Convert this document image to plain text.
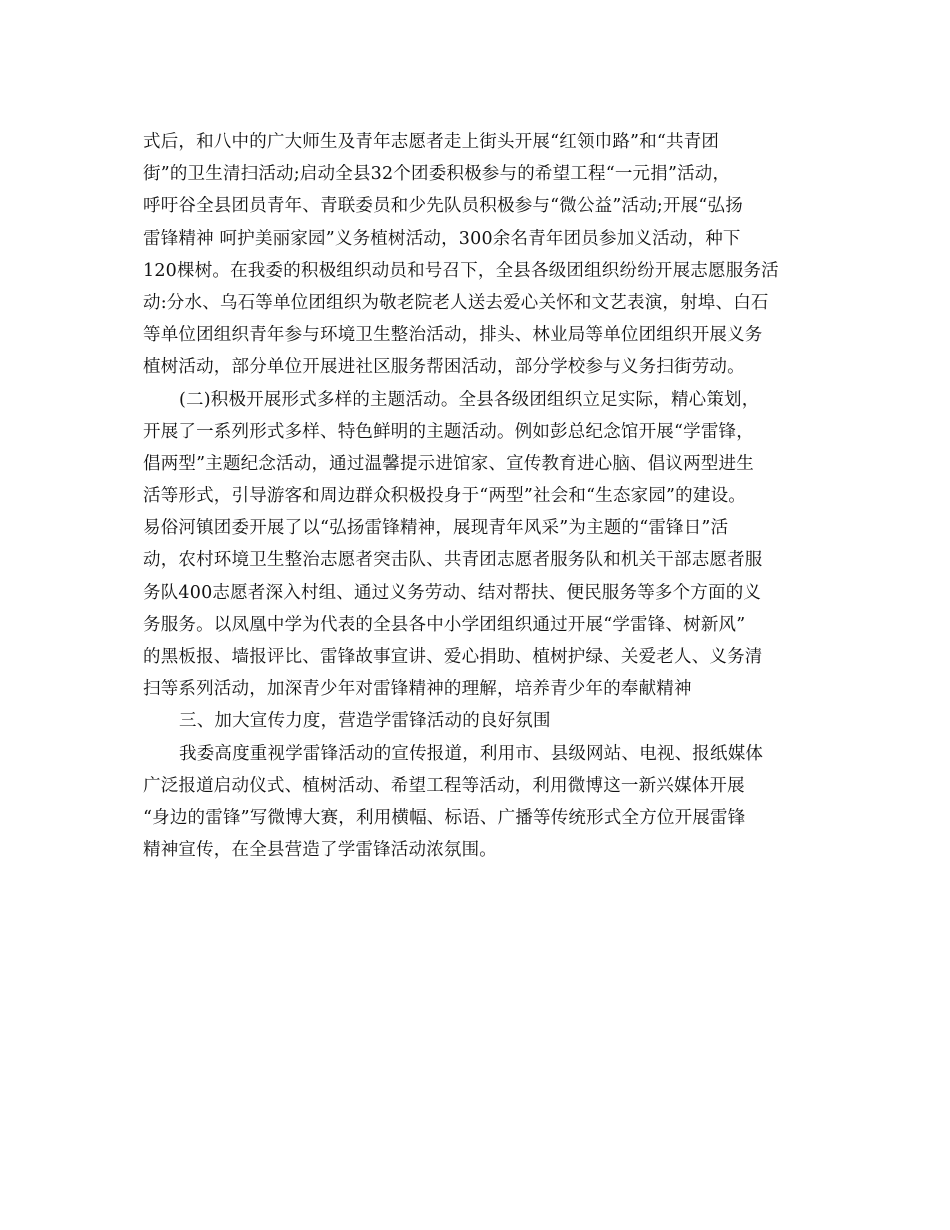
式后，和八中的广大师生及青年志愿者走上街头开展“红领巾路”和“共青团
街”的卫生清扫活动;启动全县32个团委积极参与的希望工程“一元捐”活动，
呼吁谷全县团员青年、青联委员和少先队员积极参与“微公益”活动;开展“弘扬
雷锋精神 呵护美丽家园”义务植树活动，300余名青年团员参加义活动，种下
120棵树。在我委的积极组织动员和号召下，全县各级团组织纷纷开展志愿服务活
动:分水、乌石等单位团组织为敬老院老人送去爱心关怀和文艺表演，射埠、白石
等单位团组织青年参与环境卫生整治活动，排头、林业局等单位团组织开展义务
植树活动，部分单位开展进社区服务帮困活动，部分学校参与义务扫街劳动。
(二)积极开展形式多样的主题活动。全县各级团组织立足实际，精心策划，
开展了一系列形式多样、特色鲜明的主题活动。例如彭总纪念馆开展“学雷锋，
倡两型”主题纪念活动，通过温馨提示进馆家、宣传教育进心脑、倡议两型进生
活等形式，引导游客和周边群众积极投身于“两型”社会和“生态家园”的建设。
易俗河镇团委开展了以“弘扬雷锋精神，展现青年风采”为主题的“雷锋日”活
动，农村环境卫生整治志愿者突击队、共青团志愿者服务队和机关干部志愿者服
务队400志愿者深入村组、通过义务劳动、结对帮扶、便民服务等多个方面的义
务服务。以凤凰中学为代表的全县各中小学团组织通过开展“学雷锋、树新风”
的黑板报、墙报评比、雷锋故事宣讲、爱心捐助、植树护绿、关爱老人、义务清
扫等系列活动，加深青少年对雷锋精神的理解，培养青少年的奉献精神
三、加大宣传力度，营造学雷锋活动的良好氛围
我委高度重视学雷锋活动的宣传报道，利用市、县级网站、电视、报纸媒体
广泛报道启动仪式、植树活动、希望工程等活动，利用微博这一新兴媒体开展
“身边的雷锋”写微博大赛，利用横幅、标语、广播等传统形式全方位开展雷锋
精神宣传，在全县营造了学雷锋活动浓氛围。
